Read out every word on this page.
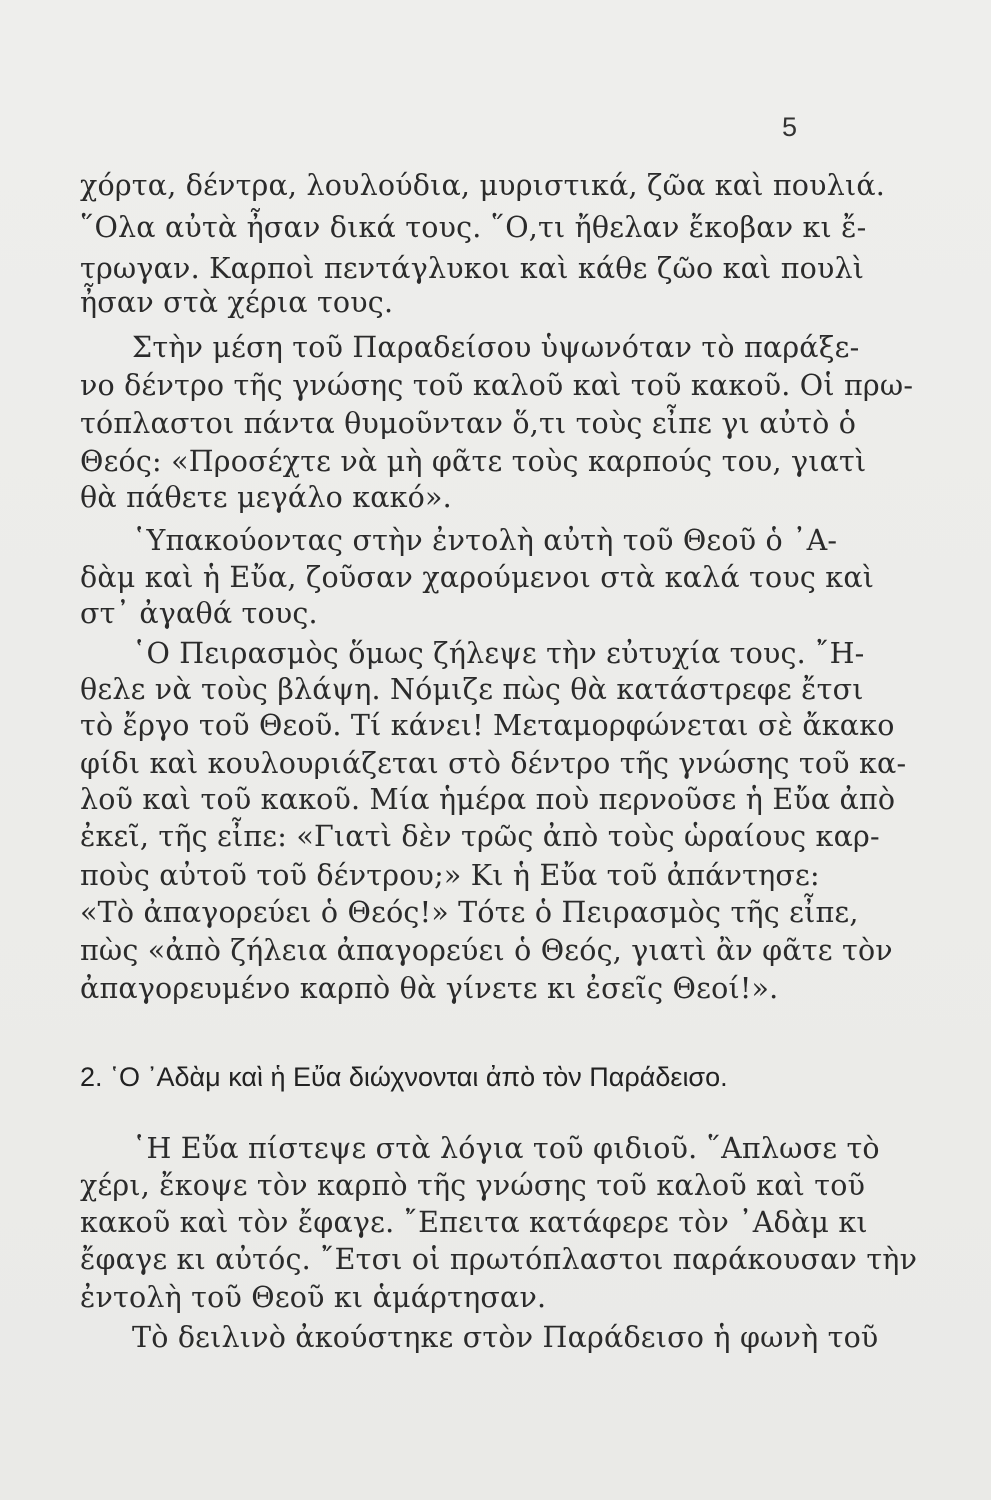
5
χόρτα, δέντρα, λουλούδια, μυριστικά, ζῶα καὶ πουλιά.
῞Ολα αὐτὰ ἦσαν δικά τους. ῞Ο,τι ἤθελαν ἔκοβαν κι ἔ-
τρωγαν. Καρποὶ πεντάγλυκοι καὶ κάθε ζῶο καὶ πουλὶ
ἦσαν στὰ χέρια τους.
Στὴν μέση τοῦ Παραδείσου ὑψωνόταν τὸ παράξε-
νο δέντρο τῆς γνώσης τοῦ καλοῦ καὶ τοῦ κακοῦ. Οἱ πρω-
τόπλαστοι πάντα θυμοῦνταν ὅ,τι τοὺς εἶπε γι αὐτὸ ὁ
Θεός: «Προσέχτε νὰ μὴ φᾶτε τοὺς καρπούς του, γιατὶ
θὰ πάθετε μεγάλο κακό».
῾Υπακούοντας στὴν ἐντολὴ αὐτὴ τοῦ Θεοῦ ὁ ᾿Α-
δὰμ καὶ ἡ Εὔα, ζοῦσαν χαρούμενοι στὰ καλά τους καὶ
στ᾿ ἀγαθά τους.
῾Ο Πειρασμὸς ὅμως ζήλεψε τὴν εὐτυχία τους. ῎Η-
θελε νὰ τοὺς βλάψη. Νόμιζε πὼς θὰ κατάστρεφε ἔτσι
τὸ ἔργο τοῦ Θεοῦ. Τί κάνει! Μεταμορφώνεται σὲ ἄκακο
φίδι καὶ κουλουριάζεται στὸ δέντρο τῆς γνώσης τοῦ κα-
λοῦ καὶ τοῦ κακοῦ. Μία ἡμέρα ποὺ περνοῦσε ἡ Εὔα ἀπὸ
ἐκεῖ, τῆς εἶπε: «Γιατὶ δὲν τρῶς ἀπὸ τοὺς ὡραίους καρ-
ποὺς αὐτοῦ τοῦ δέντρου;» Κι ἡ Εὔα τοῦ ἀπάντησε:
«Τὸ ἀπαγορεύει ὁ Θεός!» Τότε ὁ Πειρασμὸς τῆς εἶπε,
πὼς «ἀπὸ ζήλεια ἀπαγορεύει ὁ Θεός, γιατὶ ἂν φᾶτε τὸν
ἀπαγορευμένο καρπὸ θὰ γίνετε κι ἐσεῖς Θεοί!».
2. ῾Ο ᾿Αδὰμ καὶ ἡ Εὔα διώχνονται ἀπὸ τὸν Παράδεισο.
῾Η Εὔα πίστεψε στὰ λόγια τοῦ φιδιοῦ. ῞Απλωσε τὸ
χέρι, ἔκοψε τὸν καρπὸ τῆς γνώσης τοῦ καλοῦ καὶ τοῦ
κακοῦ καὶ τὸν ἔφαγε. ῎Επειτα κατάφερε τὸν ᾿Αδὰμ κι
ἔφαγε κι αὐτός. ῎Ετσι οἱ πρωτόπλαστοι παράκουσαν τὴν
ἐντολὴ τοῦ Θεοῦ κι ἁμάρτησαν.
Τὸ δειλινὸ ἀκούστηκε στὸν Παράδεισο ἡ φωνὴ τοῦ
